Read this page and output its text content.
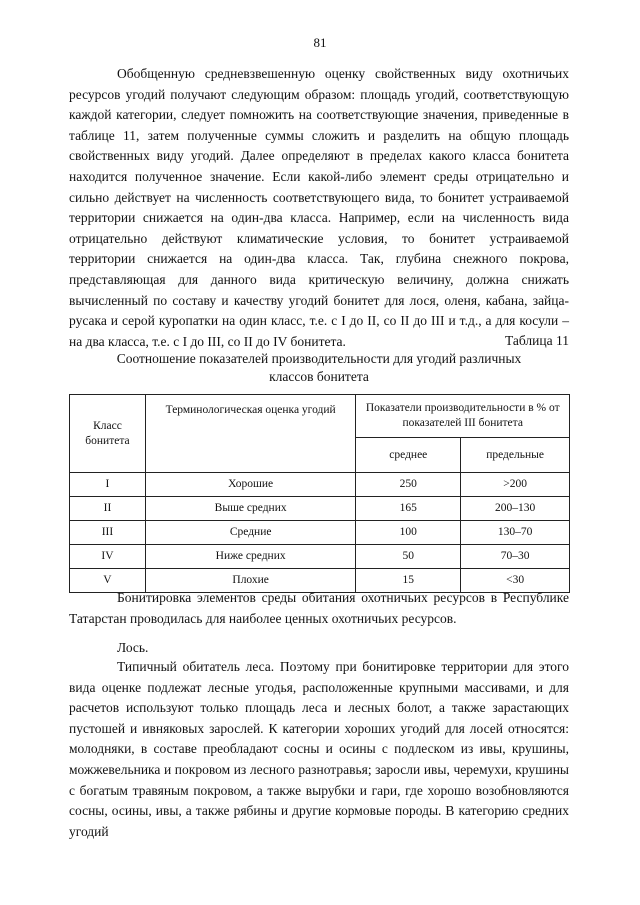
81

Обобщенную средневзвешенную оценку свойственных виду охотничьих ресурсов угодий получают следующим образом: площадь угодий, соответствующую каждой категории, следует помножить на соответствующие значения, приведенные в таблице 11, затем полученные суммы сложить и разделить на общую площадь свойственных виду угодий. Далее определяют в пределах какого класса бонитета находится полученное значение. Если какой-либо элемент среды отрицательно и сильно действует на численность соответствующего вида, то бонитет устраиваемой территории снижается на один-два класса. Например, если на численность вида отрицательно действуют климатические условия, то бонитет устраиваемой территории снижается на один-два класса. Так, глубина снежного покрова, представляющая для данного вида критическую величину, должна снижать вычисленный по составу и качеству угодий бонитет для лося, оленя, кабана, зайца-русака и серой куропатки на один класс, т.е. с I до II, со II до III и т.д., а для косули – на два класса, т.е. с I до III, со II до IV бонитета.	Таблица 11
Соотношение показателей производительности для угодий различных
классов бонитета
Класс бонитета	Терминологическая оценка угодий	Показатели производительности в % от показателей III бонитета	
		среднее	предельные
I	Хорошие	250	>200
II	Выше средних	165	200–130
III	Средние	100	130–70
IV	Ниже средних	50	70–30
V	Плохие	15	<30

Бонитировка элементов среды обитания охотничьих ресурсов в Республике Татарстан проводилась для наиболее ценных охотничьих ресурсов.

Лось.

Типичный обитатель леса. Поэтому при бонитировке территории для этого вида оценке подлежат лесные угодья, расположенные крупными массивами, и для расчетов используют только площадь леса и лесных болот, а также зарастающих пустошей и ивняковых зарослей. К категории хороших угодий для лосей относятся: молодняки, в составе преобладают сосны и осины с подлеском из ивы, крушины, можжевельника и покровом из лесного разнотравья; заросли ивы, черемухи, крушины с богатым травяным покровом, а также вырубки и гари, где хорошо возобновляются сосны, осины, ивы, а также рябины и другие кормовые породы. В категорию средних угодий
